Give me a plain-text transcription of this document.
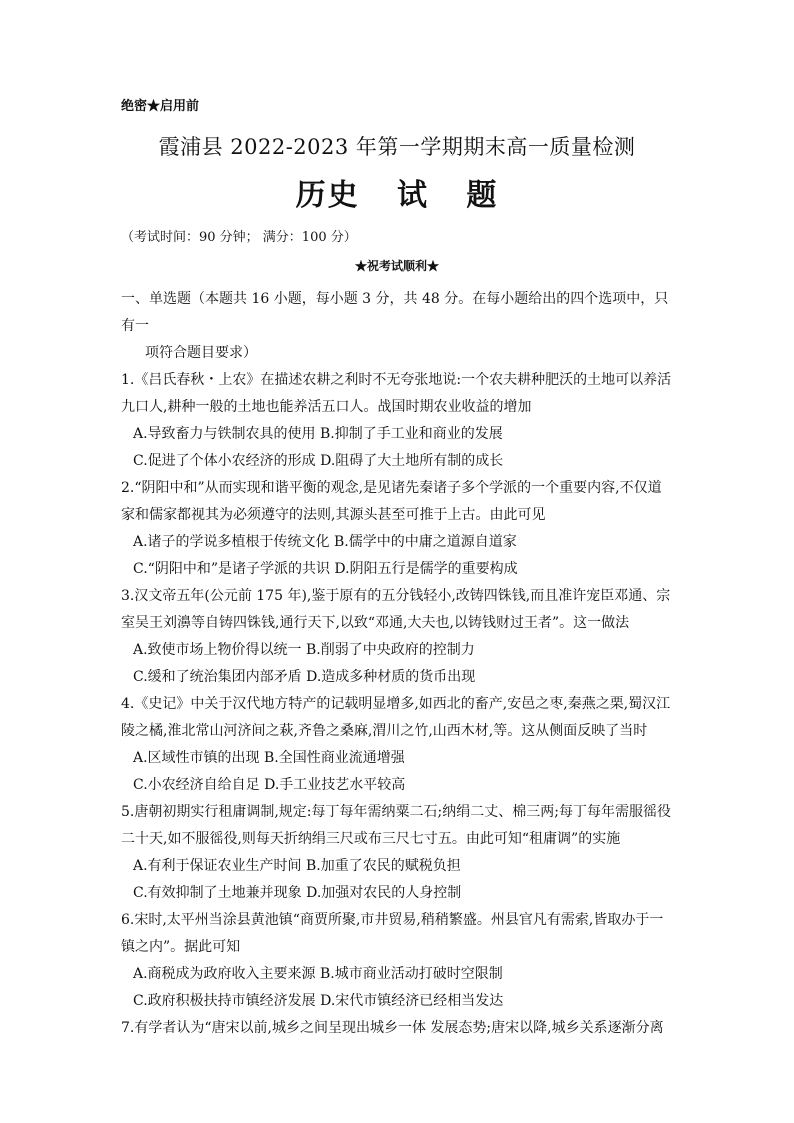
绝密★启用前
霞浦县 2022-2023 年第一学期期末高一质量检测
历史   试   题
（考试时间：90 分钟； 满分：100 分）
★祝考试顺利★
一、单选题（本题共 16 小题，每小题 3 分，共 48 分。在每小题给出的四个选项中，只有一
项符合题目要求）
1.《吕氏春秋・上农》在描述农耕之利时不无夸张地说:一个农夫耕种肥沃的土地可以养活
九口人,耕种一般的土地也能养活五口人。战国时期农业收益的增加
A.导致畜力与铁制农具的使用 B.抑制了手工业和商业的发展
C.促进了个体小农经济的形成 D.阻碍了大土地所有制的成长
2.“阴阳中和”从而实现和谐平衡的观念,是见诸先秦诸子多个学派的一个重要内容,不仅道
家和儒家都视其为必须遵守的法则,其源头甚至可推于上古。由此可见
A.诸子的学说多植根于传统文化 B.儒学中的中庸之道源自道家
C.“阴阳中和”是诸子学派的共识 D.阴阳五行是儒学的重要构成
3.汉文帝五年(公元前 175 年),鉴于原有的五分钱轻小,改铸四铢钱,而且准许宠臣邓通、宗
室吴王刘濞等自铸四铢钱,通行天下,以致“邓通,大夫也,以铸钱财过王者”。这一做法
A.致使市场上物价得以统一 B.削弱了中央政府的控制力
C.缓和了统治集团内部矛盾 D.造成多种材质的货币出现
4.《史记》中关于汉代地方特产的记载明显增多,如西北的畜产,安邑之枣,秦燕之栗,蜀汉江
陵之橘,淮北常山河济间之萩,齐鲁之桑麻,渭川之竹,山西木材,等。这从侧面反映了当时
A.区域性市镇的出现 B.全国性商业流通增强
C.小农经济自给自足 D.手工业技艺水平较高
5.唐朝初期实行租庸调制,规定:每丁每年需纳粟二石;纳绢二丈、棉三两;每丁每年需服徭役
二十天,如不服徭役,则每天折纳绢三尺或布三尺七寸五。由此可知“租庸调”的实施
A.有利于保证农业生产时间 B.加重了农民的赋税负担
C.有效抑制了土地兼并现象 D.加强对农民的人身控制
6.宋时,太平州当涂县黄池镇“商贾所聚,市井贸易,稍稍繁盛。州县官凡有需索,皆取办于一
镇之内”。据此可知
A.商税成为政府收入主要来源 B.城市商业活动打破时空限制
C.政府积极扶持市镇经济发展 D.宋代市镇经济已经相当发达
7.有学者认为“唐宋以前,城乡之间呈现出城乡一体 发展态势;唐宋以降,城乡关系逐渐分离
